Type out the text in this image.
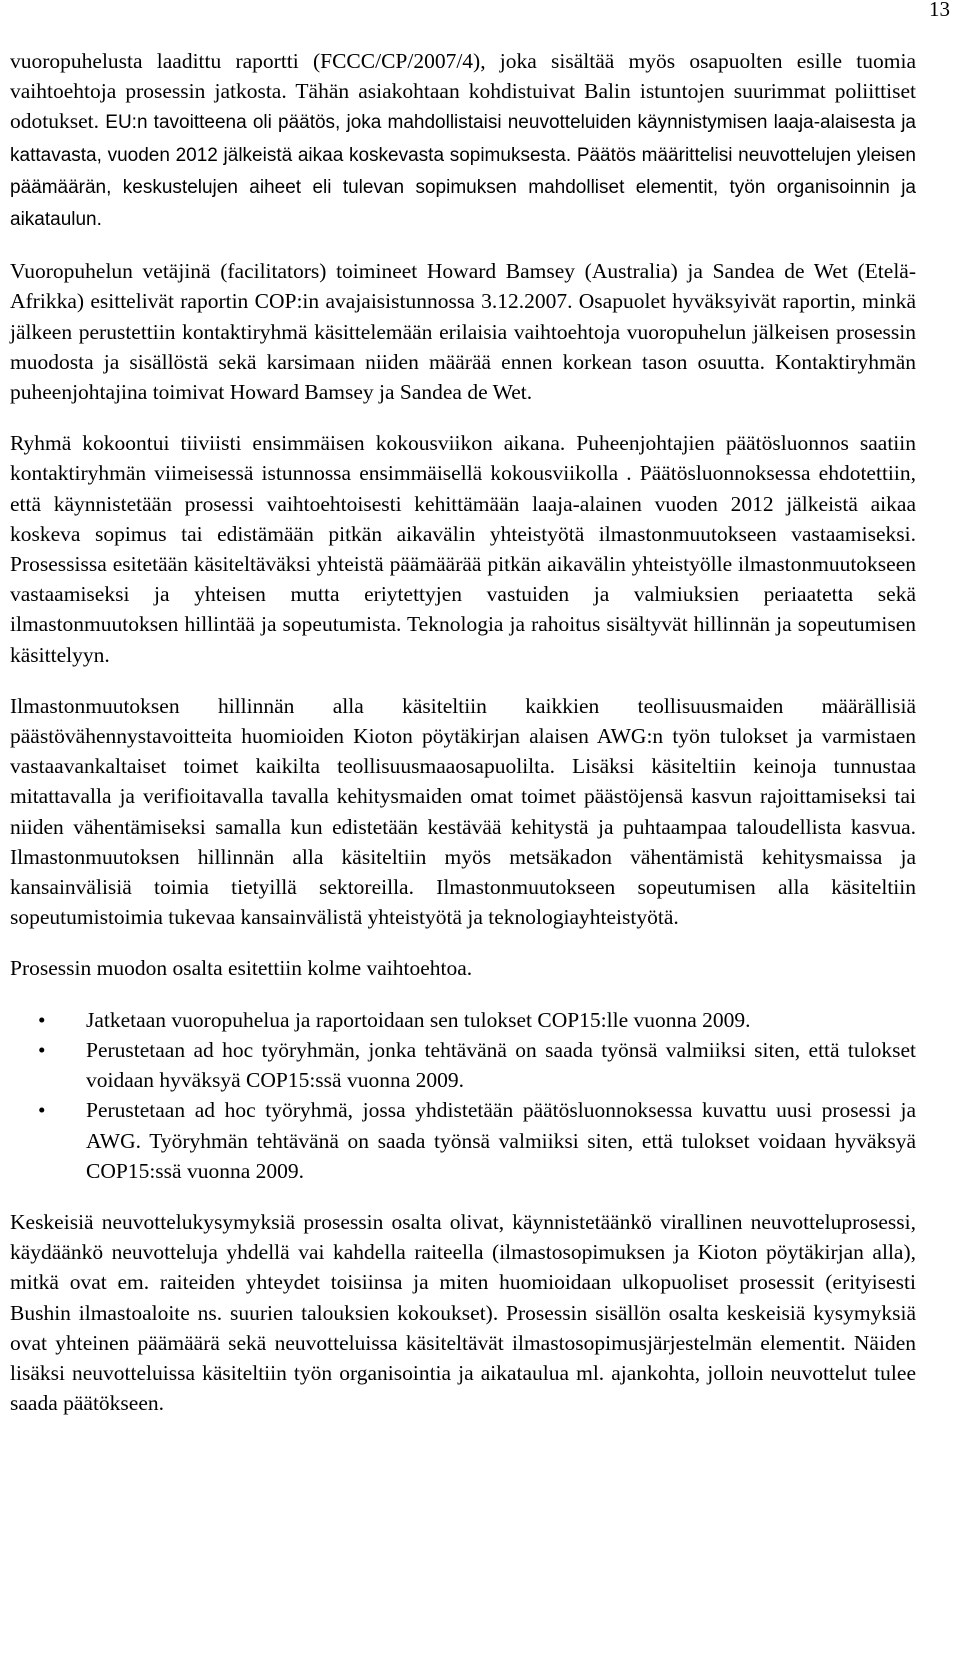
13

vuoropuhelusta laadittu raportti (FCCC/CP/2007/4), joka sisältää myös osapuolten esille tuomia vaihtoehtoja prosessin jatkosta. Tähän asiakohtaan kohdistuivat Balin istuntojen suurimmat poliittiset odotukset. EU:n tavoitteena oli päätös, joka mahdollistaisi neuvotteluiden käynnistymisen laaja-alaisesta ja kattavasta, vuoden 2012 jälkeistä aikaa koskevasta sopimuksesta. Päätös määrittelisi neuvottelujen yleisen päämäärän, keskustelujen aiheet eli tulevan sopimuksen mahdolliset elementit, työn organisoinnin ja aikataulun.

Vuoropuhelun vetäjinä (facilitators) toimineet Howard Bamsey (Australia) ja Sandea de Wet (Etelä-Afrikka) esittelivät raportin COP:in avajaisistunnossa 3.12.2007. Osapuolet hyväksyivät raportin, minkä jälkeen perustettiin kontaktiryhmä käsittelemään erilaisia vaihtoehtoja vuoropuhelun jälkeisen prosessin muodosta ja sisällöstä sekä karsimaan niiden määrää ennen korkean tason osuutta. Kontaktiryhmän puheenjohtajina toimivat Howard Bamsey ja Sandea de Wet.

Ryhmä kokoontui tiiviisti ensimmäisen kokousviikon aikana. Puheenjohtajien päätösluonnos saatiin kontaktiryhmän viimeisessä istunnossa ensimmäisellä kokousviikolla . Päätösluonnoksessa ehdotettiin, että käynnistetään prosessi vaihtoehtoisesti kehittämään laaja-alainen vuoden 2012 jälkeistä aikaa koskeva sopimus tai edistämään pitkän aikavälin yhteistyötä ilmastonmuutokseen vastaamiseksi. Prosessissa esitetään käsiteltäväksi yhteistä päämäärää pitkän aikavälin yhteistyölle ilmastonmuutokseen vastaamiseksi ja yhteisen mutta eriytettyjen vastuiden ja valmiuksien periaatetta sekä ilmastonmuutoksen hillintää ja sopeutumista. Teknologia ja rahoitus sisältyvät hillinnän ja sopeutumisen käsittelyyn.

Ilmastonmuutoksen hillinnän alla käsiteltiin kaikkien teollisuusmaiden määrällisiä päästövähennystavoitteita huomioiden Kioton pöytäkirjan alaisen AWG:n työn tulokset ja varmistaen vastaavankaltaiset toimet kaikilta teollisuusmaaosapuolilta. Lisäksi käsiteltiin keinoja tunnustaa mitattavalla ja verifioitavalla tavalla kehitysmaiden omat toimet päästöjensä kasvun rajoittamiseksi tai niiden vähentämiseksi samalla kun edistetään kestävää kehitystä ja puhtaampaa taloudellista kasvua. Ilmastonmuutoksen hillinnän alla käsiteltiin myös metsäkadon vähentämistä kehitysmaissa ja kansainvälisiä toimia tietyillä sektoreilla. Ilmastonmuutokseen sopeutumisen alla käsiteltiin sopeutumistoimia tukevaa kansainvälistä yhteistyötä ja teknologiayhteistyötä.

Prosessin muodon osalta esitettiin kolme vaihtoehtoa.

• Jatketaan vuoropuhelua ja raportoidaan sen tulokset COP15:lle vuonna 2009.
• Perustetaan ad hoc työryhmän, jonka tehtävänä on saada työnsä valmiiksi siten, että tulokset voidaan hyväksyä COP15:ssä vuonna 2009.
• Perustetaan ad hoc työryhmä, jossa yhdistetään päätösluonnoksessa kuvattu uusi prosessi ja AWG. Työryhmän tehtävänä on saada työnsä valmiiksi siten, että tulokset voidaan hyväksyä COP15:ssä vuonna 2009.

Keskeisiä neuvottelukysymyksiä prosessin osalta olivat, käynnistetäänkö virallinen neuvotteluprosessi, käydäänkö neuvotteluja yhdellä vai kahdella raiteella (ilmastosopimuksen ja Kioton pöytäkirjan alla), mitkä ovat em. raiteiden yhteydet toisiinsa ja miten huomioidaan ulkopuoliset prosessit (erityisesti Bushin ilmastoaloite ns. suurien talouksien kokoukset). Prosessin sisällön osalta keskeisiä kysymyksiä ovat yhteinen päämäärä sekä neuvotteluissa käsiteltävät ilmastosopimusjärjestelmän elementit. Näiden lisäksi neuvotteluissa käsiteltiin työn organisointia ja aikataulua ml. ajankohta, jolloin neuvottelut tulee saada päätökseen.
